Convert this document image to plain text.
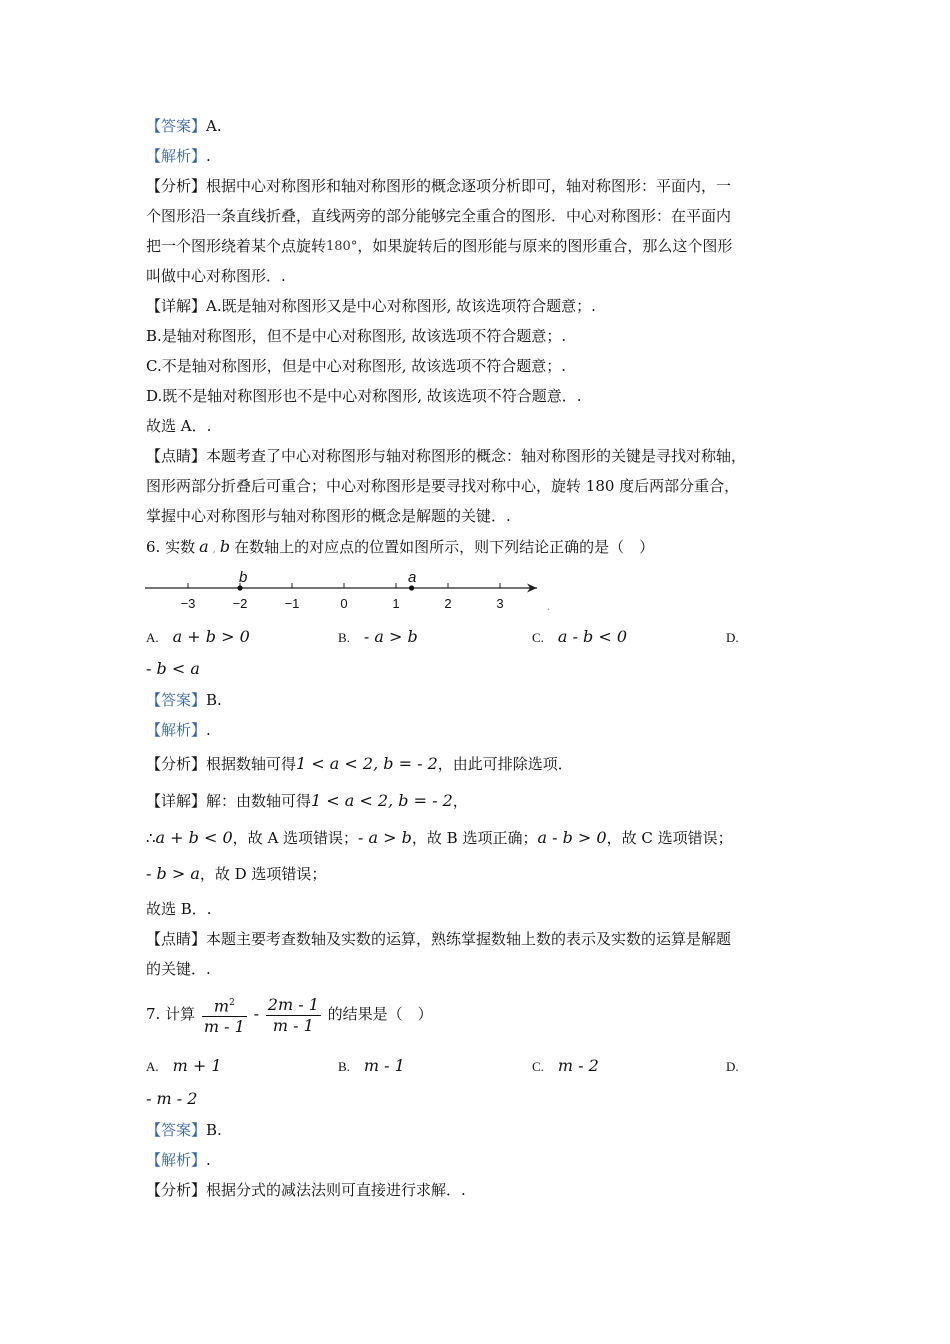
【答案】A.
【解析】.
【分析】根据中心对称图形和轴对称图形的概念逐项分析即可，轴对称图形：平面内，一
个图形沿一条直线折叠，直线两旁的部分能够完全重合的图形．中心对称图形：在平面内
把一个图形绕着某个点旋转180°，如果旋转后的图形能与原来的图形重合，那么这个图形
叫做中心对称图形．.
【详解】A.既是轴对称图形又是中心对称图形, 故该选项符合题意；.
B.是轴对称图形，但不是中心对称图形, 故该选项不符合题意；.
C.不是轴对称图形，但是中心对称图形, 故该选项不符合题意；.
D.既不是轴对称图形也不是中心对称图形, 故该选项不符合题意．.
故选 A．.
【点睛】本题考查了中心对称图形与轴对称图形的概念：轴对称图形的关键是寻找对称轴，
图形两部分折叠后可重合；中心对称图形是要寻找对称中心，旋转 180 度后两部分重合，
掌握中心对称图形与轴对称图形的概念是解题的关键．.
6. 实数 a , b 在数轴上的对应点的位置如图所示，则下列结论正确的是（　）
−3	−2	−1	0	1	2	3
b	a
.
A. a + b > 0	B. - a > b	C. a - b < 0	D.
- b < a
【答案】B.
【解析】.
【分析】根据数轴可得1 < a < 2, b = - 2，由此可排除选项．
【详解】解：由数轴可得1 < a < 2, b = - 2，
∴a + b < 0，故 A 选项错误；- a > b，故 B 选项正确；a - b > 0，故 C 选项错误；
- b > a，故 D 选项错误；
故选 B．.
【点睛】本题主要考查数轴及实数的运算，熟练掌握数轴上数的表示及实数的运算是解题
的关键．.
7. 计算 $\frac{m^2}{m - 1} - \frac{2m - 1}{m - 1}$ 的结果是（　）
A. m + 1	B. m - 1	C. m - 2	D.
- m - 2
【答案】B.
【解析】.
【分析】根据分式的减法法则可直接进行求解．.
